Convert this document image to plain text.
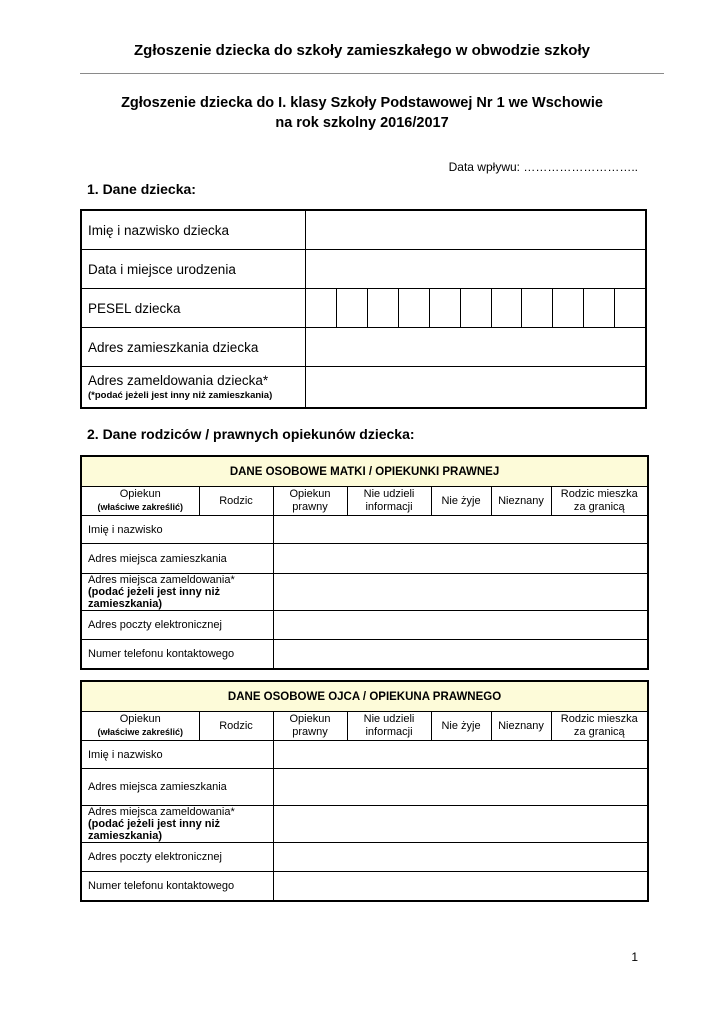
Zgłoszenie dziecka do szkoły zamieszkałego w obwodzie szkoły
Zgłoszenie dziecka do I. klasy Szkoły Podstawowej Nr 1 we Wschowie
na rok szkolny 2016/2017
Data wpływu: ………………………..
1. Dane dziecka:
Imię i nazwisko dziecka											
Data i miejsce urodzenia											
PESEL dziecka											
Adres zamieszkania dziecka											
Adres zameldowania dziecka*
(*podać jeżeli jest inny niż zamieszkania)											

2. Dane rodziców / prawnych opiekunów dziecka:
DANE OSOBOWE MATKI / OPIEKUNKI PRAWNEJ						
Opiekun
(właściwe zakreślić)	Rodzic	Opiekun prawny	Nie udzieli informacji	Nie żyje	Nieznany	Rodzic mieszka za granicą
Imię i nazwisko						
Adres miejsca zamieszkania						
Adres miejsca zameldowania*
(podać jeżeli jest inny niż zamieszkania)						

Adres poczty elektronicznej						
Numer telefonu kontaktowego						
DANE OSOBOWE OJCA / OPIEKUNA PRAWNEGO						
Opiekun
(właściwe zakreślić)	Rodzic	Opiekun prawny	Nie udzieli informacji	Nie żyje	Nieznany	Rodzic mieszka za granicą
Imię i nazwisko						
Adres miejsca zamieszkania						
Adres miejsca zameldowania*
(podać jeżeli jest inny niż zamieszkania)						

Adres poczty elektronicznej						
Numer telefonu kontaktowego						
1
